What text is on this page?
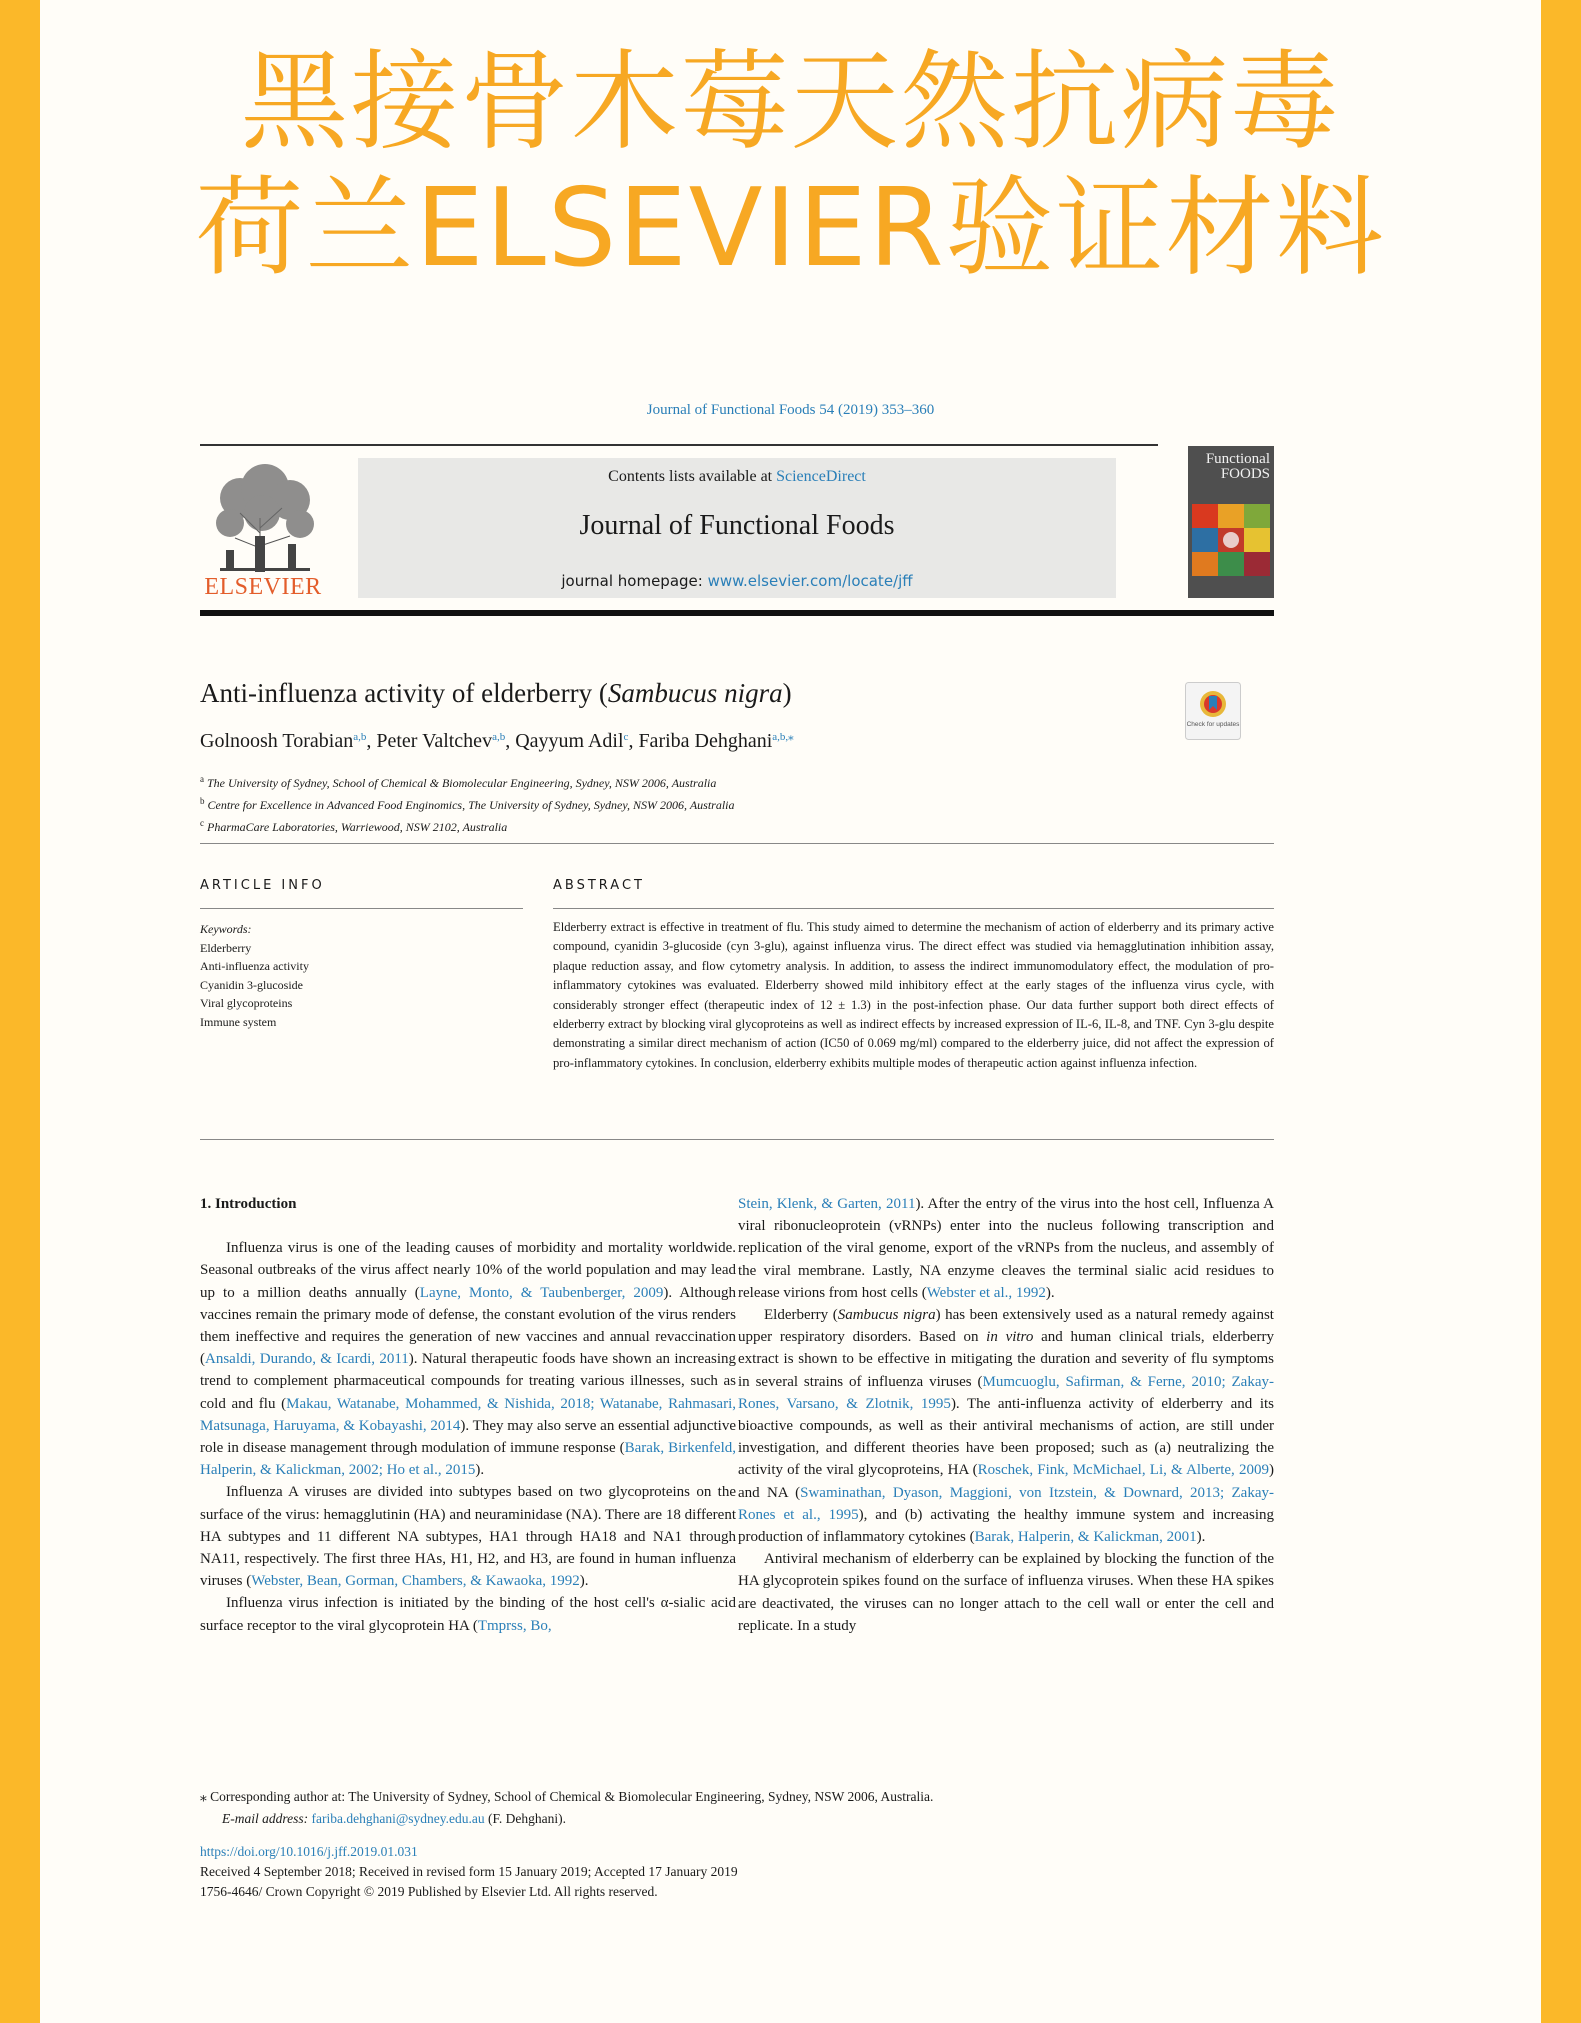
黑接骨木莓天然抗病毒
荷兰ELSEVIER验证材料
Journal of Functional Foods 54 (2019) 353–360
ELSEVIER
Contents lists available at ScienceDirect
Journal of Functional Foods
journal homepage: www.elsevier.com/locate/jff
Functional
FOODS
Anti-influenza activity of elderberry (Sambucus nigra)
Check for updates
Golnoosh Torabian$^{a,b}$, Peter Valtchev$^{a,b}$, Qayyum Adil$^c$, Fariba Dehghani$^{a,b,⁎}$
$^a$ The University of Sydney, School of Chemical & Biomolecular Engineering, Sydney, NSW 2006, Australia
$^b$ Centre for Excellence in Advanced Food Enginomics, The University of Sydney, Sydney, NSW 2006, Australia
$^c$ PharmaCare Laboratories, Warriewood, NSW 2102, Australia
ARTICLE INFO
Keywords:
Elderberry
Anti-influenza activity
Cyanidin 3-glucoside
Viral glycoproteins
Immune system
ABSTRACT
Elderberry extract is effective in treatment of flu. This study aimed to determine the mechanism of action of elderberry and its primary active compound, cyanidin 3-glucoside (cyn 3-glu), against influenza virus. The direct effect was studied via hemagglutination inhibition assay, plaque reduction assay, and flow cytometry analysis. In addition, to assess the indirect immunomodulatory effect, the modulation of pro-inflammatory cytokines was evaluated. Elderberry showed mild inhibitory effect at the early stages of the influenza virus cycle, with considerably stronger effect (therapeutic index of 12 ± 1.3) in the post-infection phase. Our data further support both direct effects of elderberry extract by blocking viral glycoproteins as well as indirect effects by increased expression of IL-6, IL-8, and TNF. Cyn 3-glu despite demonstrating a similar direct mechanism of action (IC50 of 0.069 mg/ml) compared to the elderberry juice, did not affect the expression of pro-inflammatory cytokines. In conclusion, elderberry exhibits multiple modes of therapeutic action against influenza infection.
1. Introduction

Influenza virus is one of the leading causes of morbidity and mortality worldwide. Seasonal outbreaks of the virus affect nearly 10% of the world population and may lead up to a million deaths annually (Layne, Monto, & Taubenberger, 2009). Although vaccines remain the primary mode of defense, the constant evolution of the virus renders them ineffective and requires the generation of new vaccines and annual revaccination (Ansaldi, Durando, & Icardi, 2011). Natural therapeutic foods have shown an increasing trend to complement pharmaceutical compounds for treating various illnesses, such as cold and flu (Makau, Watanabe, Mohammed, & Nishida, 2018; Watanabe, Rahmasari, Matsunaga, Haruyama, & Kobayashi, 2014). They may also serve an essential adjunctive role in disease management through modulation of immune response (Barak, Birkenfeld, Halperin, & Kalickman, 2002; Ho et al., 2015).

Influenza A viruses are divided into subtypes based on two glycoproteins on the surface of the virus: hemagglutinin (HA) and neuraminidase (NA). There are 18 different HA subtypes and 11 different NA subtypes, HA1 through HA18 and NA1 through NA11, respectively. The first three HAs, H1, H2, and H3, are found in human influenza viruses (Webster, Bean, Gorman, Chambers, & Kawaoka, 1992).

Influenza virus infection is initiated by the binding of the host cell's α-sialic acid surface receptor to the viral glycoprotein HA (Tmprss, Bo,

Stein, Klenk, & Garten, 2011). After the entry of the virus into the host cell, Influenza A viral ribonucleoprotein (vRNPs) enter into the nucleus following transcription and replication of the viral genome, export of the vRNPs from the nucleus, and assembly of the viral membrane. Lastly, NA enzyme cleaves the terminal sialic acid residues to release virions from host cells (Webster et al., 1992).

Elderberry (Sambucus nigra) has been extensively used as a natural remedy against upper respiratory disorders. Based on in vitro and human clinical trials, elderberry extract is shown to be effective in mitigating the duration and severity of flu symptoms in several strains of influenza viruses (Mumcuoglu, Safirman, & Ferne, 2010; Zakay-Rones, Varsano, & Zlotnik, 1995). The anti-influenza activity of elderberry and its bioactive compounds, as well as their antiviral mechanisms of action, are still under investigation, and different theories have been proposed; such as (a) neutralizing the activity of the viral glycoproteins, HA (Roschek, Fink, McMichael, Li, & Alberte, 2009) and NA (Swaminathan, Dyason, Maggioni, von Itzstein, & Downard, 2013; Zakay-Rones et al., 1995), and (b) activating the healthy immune system and increasing production of inflammatory cytokines (Barak, Halperin, & Kalickman, 2001).

Antiviral mechanism of elderberry can be explained by blocking the function of the HA glycoprotein spikes found on the surface of influenza viruses. When these HA spikes are deactivated, the viruses can no longer attach to the cell wall or enter the cell and replicate. In a study

⁎ Corresponding author at: The University of Sydney, School of Chemical & Biomolecular Engineering, Sydney, NSW 2006, Australia.
E-mail address: fariba.dehghani@sydney.edu.au (F. Dehghani).
https://doi.org/10.1016/j.jff.2019.01.031
Received 4 September 2018; Received in revised form 15 January 2019; Accepted 17 January 2019
1756-4646/ Crown Copyright © 2019 Published by Elsevier Ltd. All rights reserved.
